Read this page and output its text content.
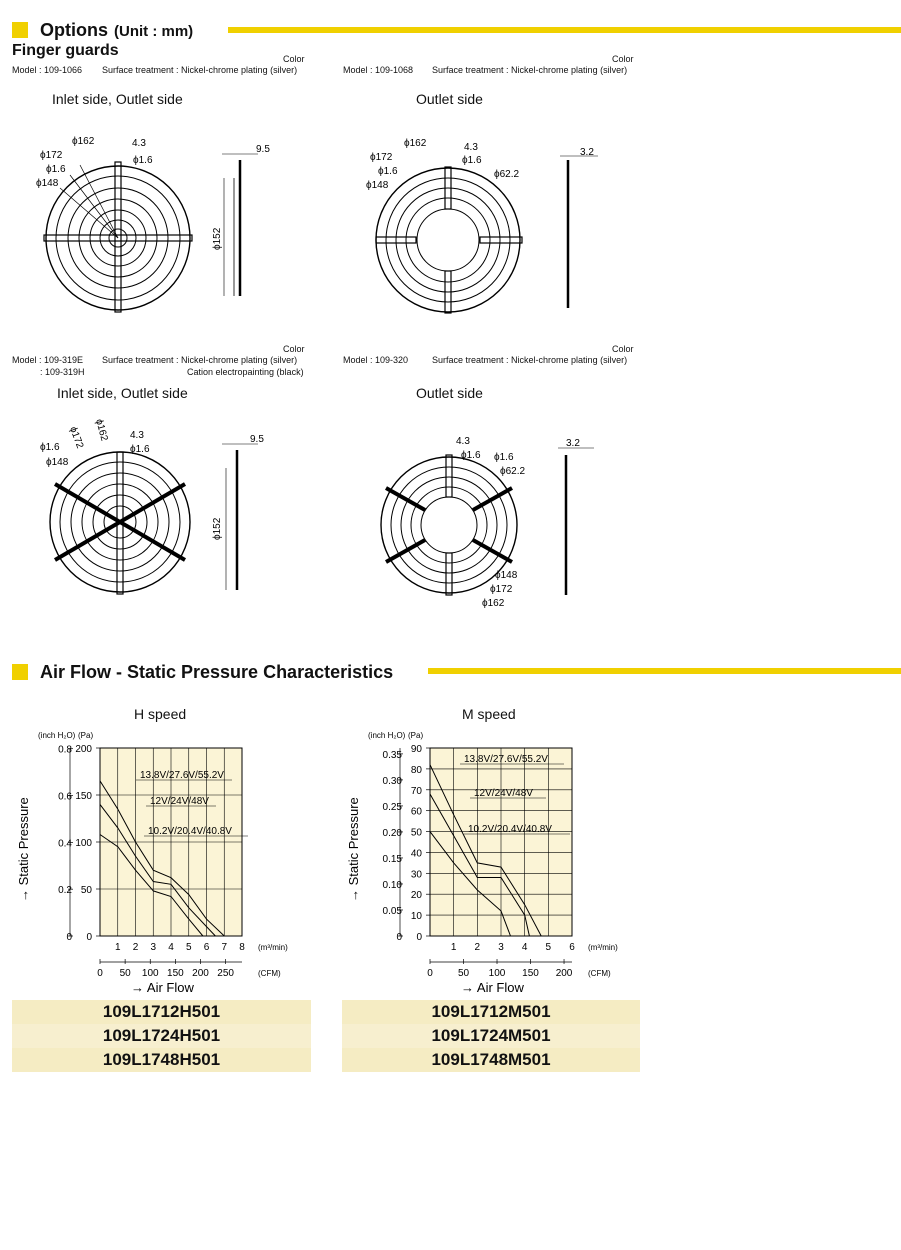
Options (Unit : mm)
Finger guards	Color
Model : 109-1066 Surface treatment : Nickel-chrome plating (silver)
Inlet side, Outlet side
Color
Model : 109-1068 Surface treatment : Nickel-chrome plating (silver)
Outlet side
Color
Model : 109-319E
: 109-319H
Surface treatment : Nickel-chrome plating (silver)
Cation electropainting (black)
Inlet side, Outlet side
Color
Model : 109-320	Surface treatment : Nickel-chrome plating (silver)
Outlet side
ϕ162
ϕ172
ϕ1.6
ϕ148
ϕ1.6
4.3
9.5
ϕ152
ϕ162
ϕ172
ϕ1.6
ϕ148
ϕ1.6
ϕ62.2
4.3	3.2
ϕ1.6
ϕ148
ϕ172 ϕ162 4.3
ϕ1.6
ϕ152
9.5	4.3
ϕ1.6 ϕ1.6
ϕ62.2
ϕ148
ϕ172
ϕ162
3.2
Air Flow - Static Pressure Characteristics
H speed	M speed
0
50
100
150
200
0
0.2
0.4
0.6
0.8
(inch H₂O) (Pa)
→ Static Pressure
1 2 3 4 5 6 7 8 (m³/min)
0 50 100 150 200 250	(CFM)
→ Air Flow
13.8V/27.6V/55.2V
12V/24V/48V
10.2V/20.4V/40.8V
0
10
20
30
40
50
60
70
80
90
0
0.05
0.10
0.15
0.20
0.25
0.30
0.35
(inch H₂O) (Pa)
→ Static Pressure
1 2 3 4 5 6 (m³/min)
0	50 100 150 200 (CFM)
→ Air Flow
13.8V/27.6V/55.2V
12V/24V/48V
10.2V/20.4V/40.8V
109L1712H501
109L1724H501
109L1748H501
109L1712M501
109L1724M501
109L1748M501
